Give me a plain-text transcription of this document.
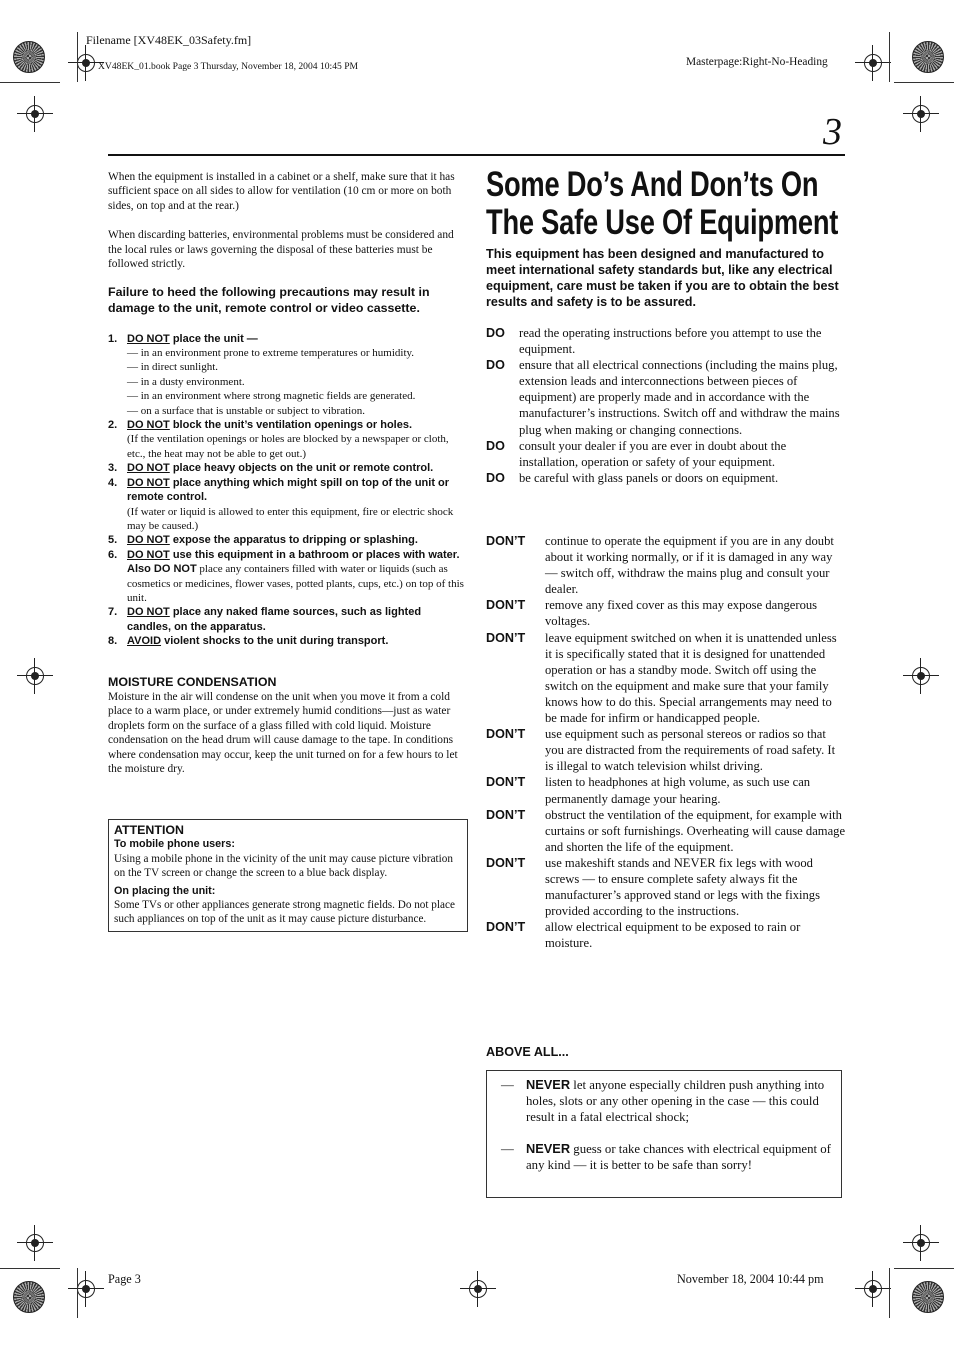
Filename [XV48EK_03Safety.fm]
XV48EK_01.book Page 3 Thursday, November 18, 2004 10:45 PM	Masterpage:Right-No-Heading
3

When the equipment is installed in a cabinet or a shelf, make sure that it has sufficient space on all sides to allow for ventilation (10 cm or more on both sides, on top and at the rear.)

When discarding batteries, environmental problems must be considered and the local rules or laws governing the disposal of these batteries must be followed strictly.

Failure to heed the following precautions may result in damage to the unit, remote control or video cassette.

1. DO NOT place the unit —
— in an environment prone to extreme temperatures or humidity.
— in direct sunlight.
— in a dusty environment.
— in an environment where strong magnetic fields are generated.
— on a surface that is unstable or subject to vibration.
2. DO NOT block the unit’s ventilation openings or holes.
(If the ventilation openings or holes are blocked by a newspaper or cloth, etc., the heat may not be able to get out.)
3. DO NOT place heavy objects on the unit or remote control.
4. DO NOT place anything which might spill on top of the unit or remote control.
(If water or liquid is allowed to enter this equipment, fire or electric shock may be caused.)
5. DO NOT expose the apparatus to dripping or splashing.
6. DO NOT use this equipment in a bathroom or places with water. Also DO NOT place any containers filled with water or liquids (such as cosmetics or medicines, flower vases, potted plants, cups, etc.) on top of this unit.
7. DO NOT place any naked flame sources, such as lighted candles, on the apparatus.
8. AVOID violent shocks to the unit during transport.
MOISTURE CONDENSATION
Moisture in the air will condense on the unit when you move it from a cold place to a warm place, or under extremely humid conditions—just as water droplets form on the surface of a glass filled with cold liquid. Moisture condensation on the head drum will cause damage to the tape. In conditions where condensation may occur, keep the unit turned on for a few hours to let the moisture dry.
ATTENTION
To mobile phone users:
Using a mobile phone in the vicinity of the unit may cause picture vibration on the TV screen or change the screen to a blue back display.
On placing the unit:
Some TVs or other appliances generate strong magnetic fields. Do not place such appliances on top of the unit as it may cause picture disturbance.
Some Do’s And Don’ts On
The Safe Use Of Equipment
This equipment has been designed and manufactured to meet international safety standards but, like any electrical equipment, care must be taken if you are to obtain the best results and safety is to be assured.
DO	read the operating instructions before you attempt to use the equipment.
DO	ensure that all electrical connections (including the mains plug, extension leads and interconnections between pieces of equipment) are properly made and in accordance with the manufacturer’s instructions. Switch off and withdraw the mains plug when making or changing connections.
DO	consult your dealer if you are ever in doubt about the installation, operation or safety of your equipment.
DO	be careful with glass panels or doors on equipment.
DON’T	continue to operate the equipment if you are in any doubt about it working normally, or if it is damaged in any way — switch off, withdraw the mains plug and consult your dealer.
DON’T	remove any fixed cover as this may expose dangerous voltages.
DON’T	leave equipment switched on when it is unattended unless it is specifically stated that it is designed for unattended operation or has a standby mode. Switch off using the switch on the equipment and make sure that your family knows how to do this. Special arrangements may need to be made for infirm or handicapped people.
DON’T	use equipment such as personal stereos or radios so that you are distracted from the requirements of road safety. It is illegal to watch television whilst driving.
DON’T	listen to headphones at high volume, as such use can permanently damage your hearing.
DON’T	obstruct the ventilation of the equipment, for example with curtains or soft furnishings. Overheating will cause damage and shorten the life of the equipment.
DON’T	use makeshift stands and NEVER fix legs with wood screws — to ensure complete safety always fit the manufacturer’s approved stand or legs with the fixings provided according to the instructions.
DON’T	allow electrical equipment to be exposed to rain or moisture.
ABOVE ALL...
— NEVER let anyone especially children push anything into holes, slots or any other opening in the case — this could result in a fatal electrical shock;
— NEVER guess or take chances with electrical equipment of any kind — it is better to be safe than sorry!
Page 3	November 18, 2004 10:44 pm
